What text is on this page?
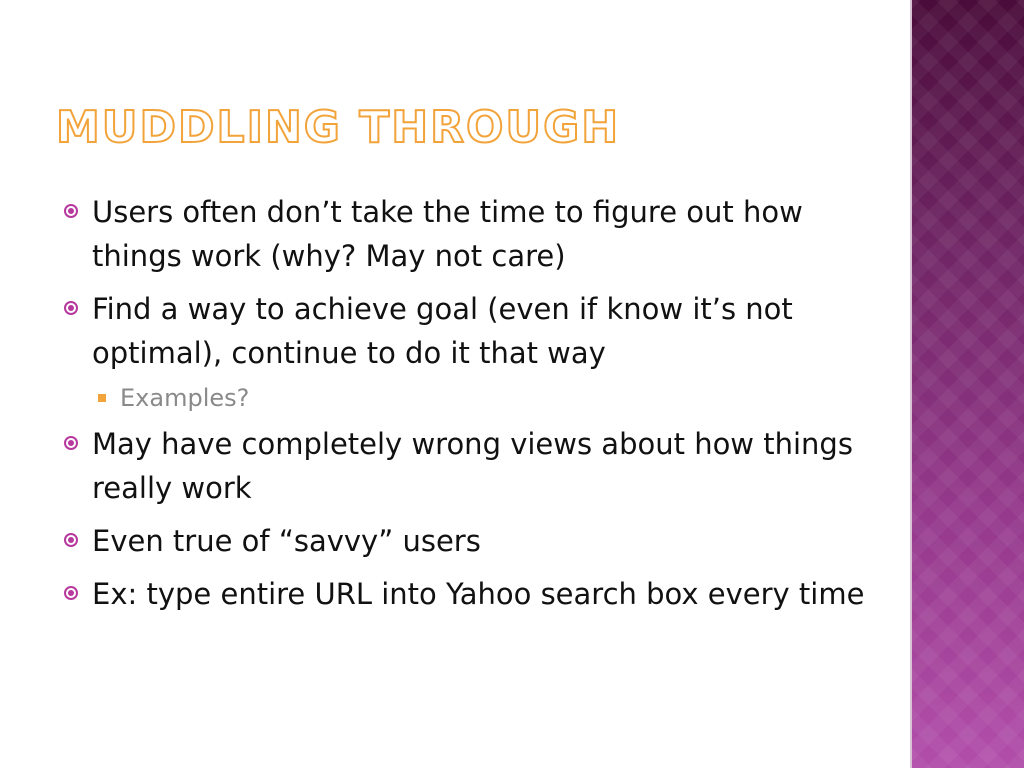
MUDDLING THROUGH
Users often don’t take the time to figure out how things work (why? May not care)
Find a way to achieve goal (even if know it’s not optimal), continue to do it that way
Examples?
May have completely wrong views about how things really work
Even true of “savvy” users
Ex: type entire URL into Yahoo search box every time
